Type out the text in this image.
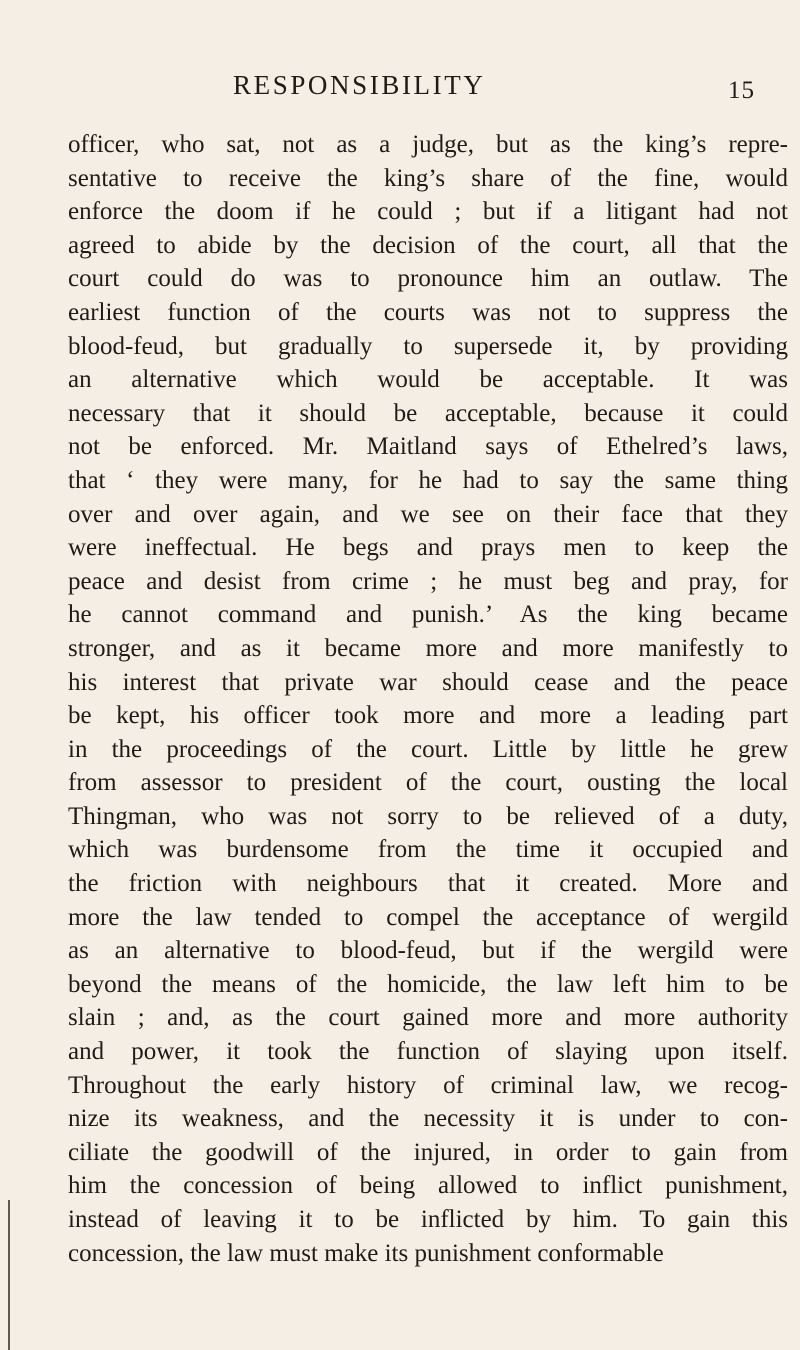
RESPONSIBILITY	15
officer, who sat, not as a judge, but as the king’s repre-
sentative to receive the king’s share of the fine, would
enforce the doom if he could ; but if a litigant had not
agreed to abide by the decision of the court, all that the
court could do was to pronounce him an outlaw. The
earliest function of the courts was not to suppress the
blood-feud, but gradually to supersede it, by providing
an alternative which would be acceptable. It was
necessary that it should be acceptable, because it could
not be enforced. Mr. Maitland says of Ethelred’s laws,
that ‘ they were many, for he had to say the same thing
over and over again, and we see on their face that they
were ineffectual. He begs and prays men to keep the
peace and desist from crime ; he must beg and pray, for
he cannot command and punish.’ As the king became
stronger, and as it became more and more manifestly to
his interest that private war should cease and the peace
be kept, his officer took more and more a leading part
in the proceedings of the court. Little by little he grew
from assessor to president of the court, ousting the local
Thingman, who was not sorry to be relieved of a duty,
which was burdensome from the time it occupied and
the friction with neighbours that it created. More and
more the law tended to compel the acceptance of wergild
as an alternative to blood-feud, but if the wergild were
beyond the means of the homicide, the law left him to be
slain ; and, as the court gained more and more authority
and power, it took the function of slaying upon itself.
Throughout the early history of criminal law, we recog-
nize its weakness, and the necessity it is under to con-
ciliate the goodwill of the injured, in order to gain from
him the concession of being allowed to inflict punishment,
instead of leaving it to be inflicted by him. To gain this
concession, the law must make its punishment conformable
